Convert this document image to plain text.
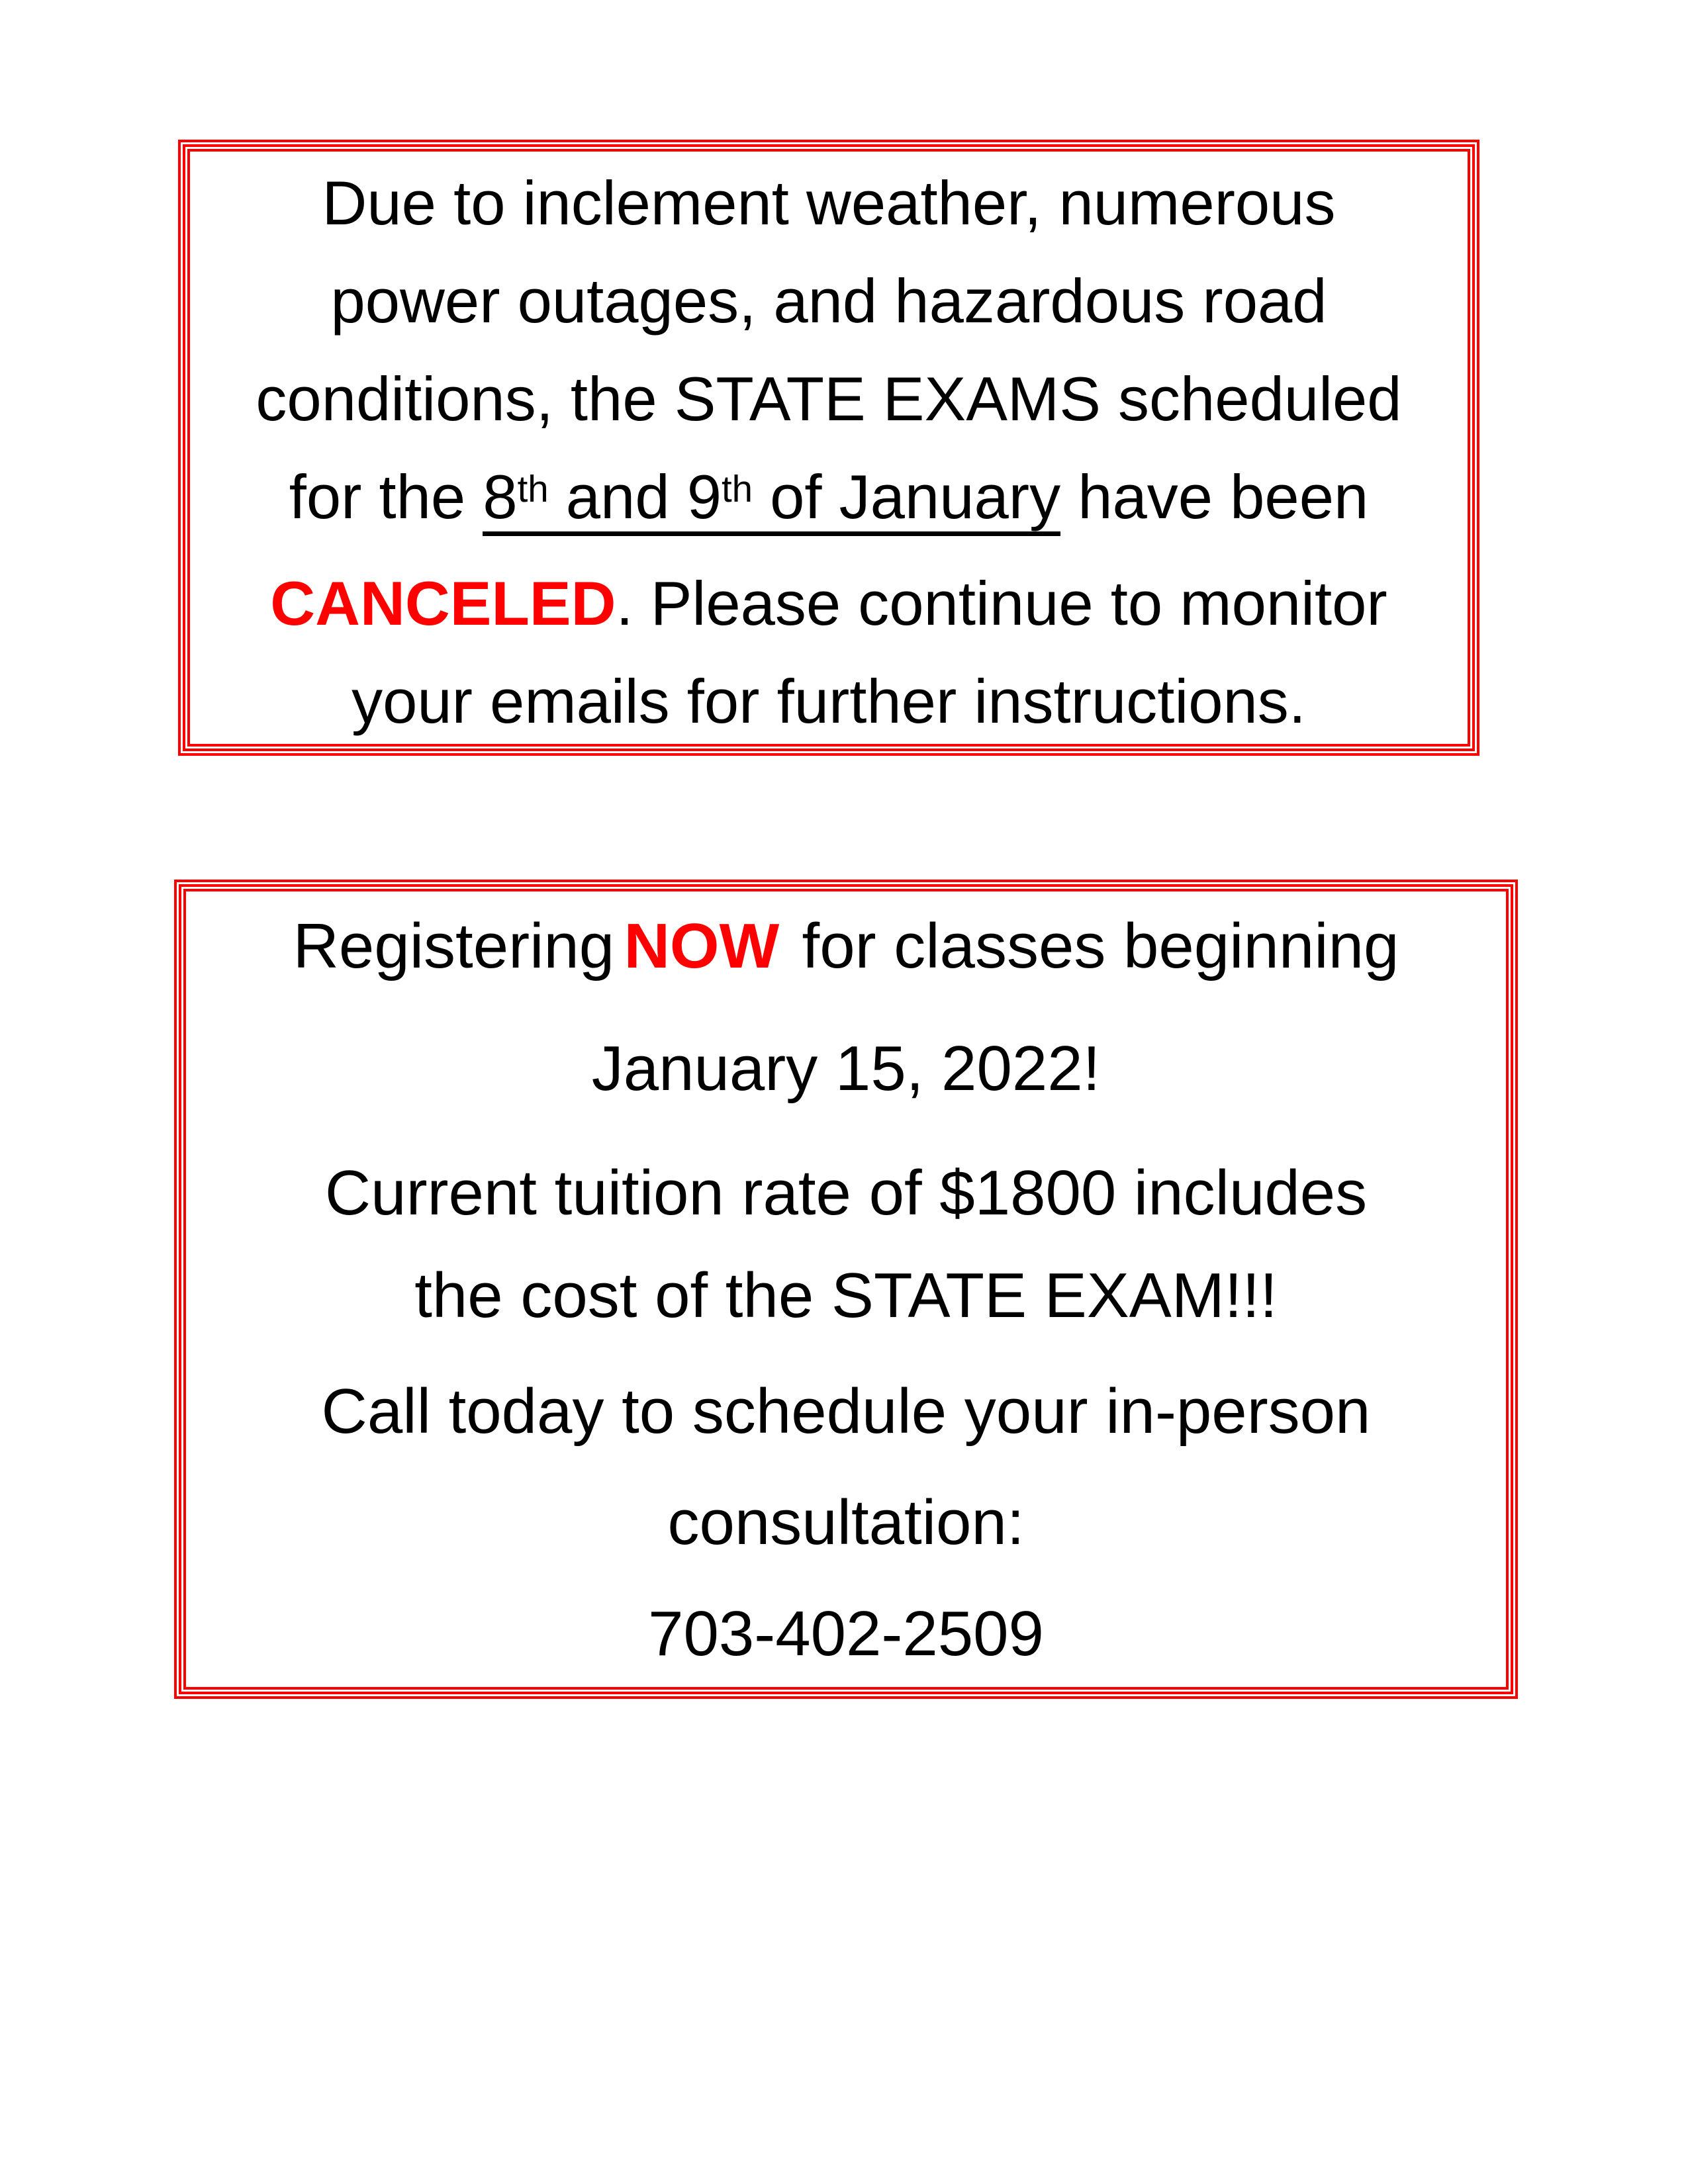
Due to inclement weather, numerous
power outages, and hazardous road
conditions, the STATE EXAMS scheduled
for the 8th and 9th of January have been
CANCELED. Please continue to monitor
your emails for further instructions.
Registering NOW for classes beginning
January 15, 2022!
Current tuition rate of $1800 includes
the cost of the STATE EXAM!!!
Call today to schedule your in-person
consultation:
703-402-2509
